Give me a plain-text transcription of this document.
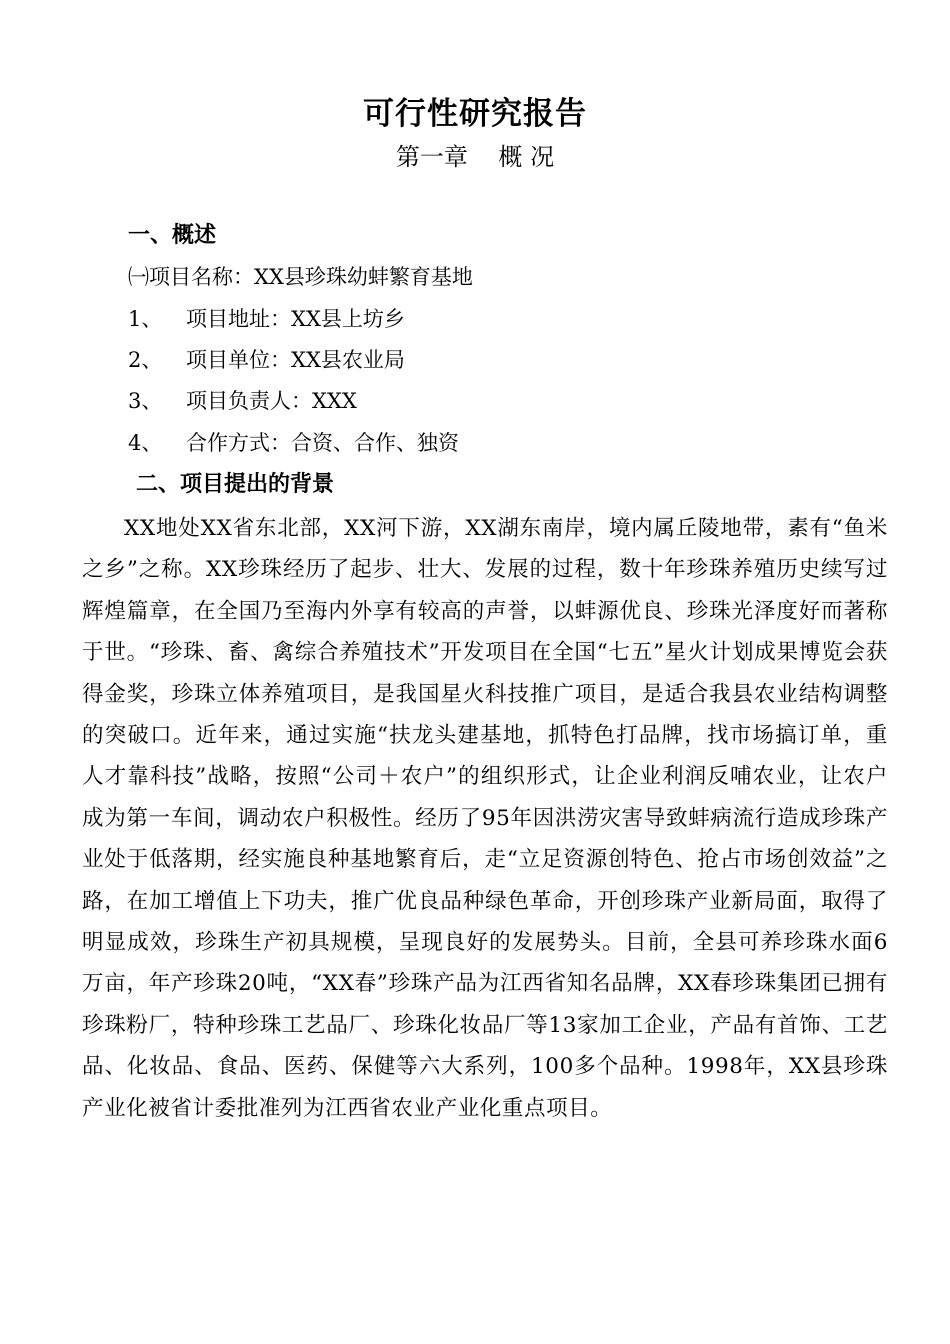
可行性研究报告
第一章    概 况
一、概述
㈠项目名称：XX县珍珠幼蚌繁育基地
1、 项目地址：XX县上坊乡
2、 项目单位：XX县农业局
3、 项目负责人：XXX
4、 合作方式：合资、合作、独资
二、项目提出的背景
XX地处XX省东北部，XX河下游，XX湖东南岸，境内属丘陵地带，素有“鱼米之乡”之称。XX珍珠经历了起步、壮大、发展的过程，数十年珍珠养殖历史续写过辉煌篇章，在全国乃至海内外享有较高的声誉，以蚌源优良、珍珠光泽度好而著称于世。“珍珠、畜、禽综合养殖技术”开发项目在全国“七五”星火计划成果博览会获得金奖，珍珠立体养殖项目，是我国星火科技推广项目，是适合我县农业结构调整的突破口。近年来，通过实施“扶龙头建基地，抓特色打品牌，找市场搞订单，重人才靠科技”战略，按照“公司＋农户”的组织形式，让企业利润反哺农业，让农户成为第一车间，调动农户积极性。经历了95年因洪涝灾害导致蚌病流行造成珍珠产业处于低落期，经实施良种基地繁育后，走“立足资源创特色、抢占市场创效益”之路，在加工增值上下功夫，推广优良品种绿色革命，开创珍珠产业新局面，取得了明显成效，珍珠生产初具规模，呈现良好的发展势头。目前，全县可养珍珠水面6万亩，年产珍珠20吨，“XX春”珍珠产品为江西省知名品牌，XX春珍珠集团已拥有珍珠粉厂，特种珍珠工艺品厂、珍珠化妆品厂等13家加工企业，产品有首饰、工艺品、化妆品、食品、医药、保健等六大系列，100多个品种。1998年，XX县珍珠产业化被省计委批准列为江西省农业产业化重点项目。
